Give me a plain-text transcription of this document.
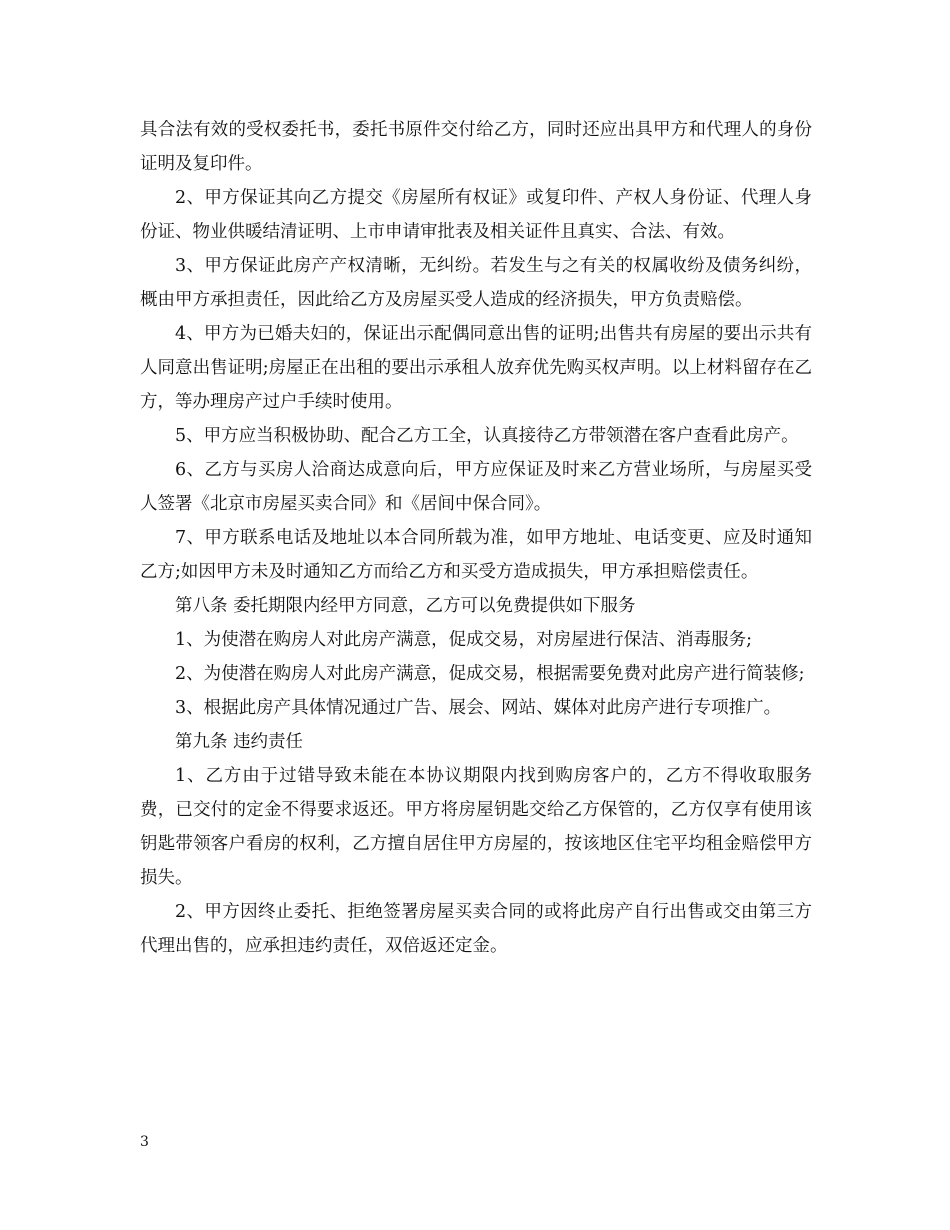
具合法有效的受权委托书，委托书原件交付给乙方，同时还应出具甲方和代理人的身份证明及复印件。

2、甲方保证其向乙方提交《房屋所有权证》或复印件、产权人身份证、代理人身份证、物业供暖结清证明、上市申请审批表及相关证件且真实、合法、有效。

3、甲方保证此房产产权清晰，无纠纷。若发生与之有关的权属收纷及债务纠纷，概由甲方承担责任，因此给乙方及房屋买受人造成的经济损失，甲方负责赔偿。

4、甲方为已婚夫妇的，保证出示配偶同意出售的证明;出售共有房屋的要出示共有人同意出售证明;房屋正在出租的要出示承租人放弃优先购买权声明。以上材料留存在乙方，等办理房产过户手续时使用。

5、甲方应当积极协助、配合乙方工全，认真接待乙方带领潜在客户查看此房产。

6、乙方与买房人洽商达成意向后，甲方应保证及时来乙方营业场所，与房屋买受人签署《北京市房屋买卖合同》和《居间中保合同》。

7、甲方联系电话及地址以本合同所载为准，如甲方地址、电话变更、应及时通知乙方;如因甲方未及时通知乙方而给乙方和买受方造成损失，甲方承担赔偿责任。

第八条 委托期限内经甲方同意，乙方可以免费提供如下服务

1、为使潜在购房人对此房产满意，促成交易，对房屋进行保洁、消毒服务;

2、为使潜在购房人对此房产满意，促成交易，根据需要免费对此房产进行简装修;

3、根据此房产具体情况通过广告、展会、网站、媒体对此房产进行专项推广。

第九条 违约责任

1、乙方由于过错导致未能在本协议期限内找到购房客户的，乙方不得收取服务费，已交付的定金不得要求返还。甲方将房屋钥匙交给乙方保管的，乙方仅享有使用该钥匙带领客户看房的权利，乙方擅自居住甲方房屋的，按该地区住宅平均租金赔偿甲方损失。

2、甲方因终止委托、拒绝签署房屋买卖合同的或将此房产自行出售或交由第三方代理出售的，应承担违约责任，双倍返还定金。

3
